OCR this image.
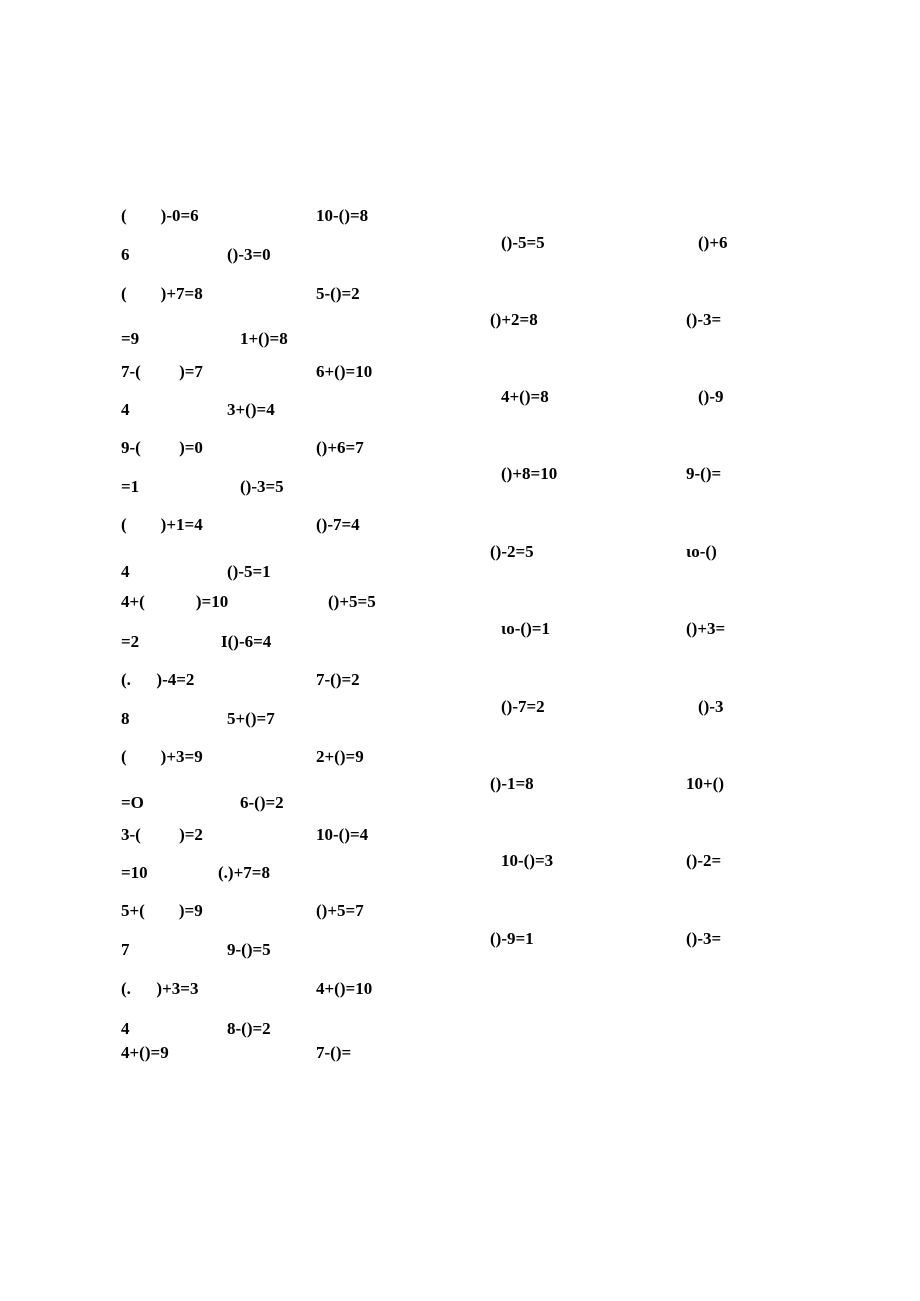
(        )-0=6	10-()=8
6	()-3=0
(        )+7=8	5-()=2
=9	1+()=8
7-(         )=7	6+()=10
4	3+()=4
9-(         )=0	()+6=7
=1	()-3=5
(        )+1=4	()-7=4
4	()-5=1
4+(            )=10	()+5=5
=2	I()-6=4
(.      )-4=2	7-()=2
8	5+()=7
(        )+3=9	2+()=9
=O	6-()=2
3-(         )=2	10-()=4
=10	(.)+7=8
5+(        )=9	()+5=7
7	9-()=5
(.      )+3=3	4+()=10
4	8-()=2
4+()=9	7-()=
()-5=5	()+6
()+2=8	()-3=
4+()=8	()-9
()+8=10	9-()=
()-2=5	ιo-()
ιo-()=1	()+3=
()-7=2	()-3
()-1=8	10+()
10-()=3	()-2=
()-9=1	()-3=
